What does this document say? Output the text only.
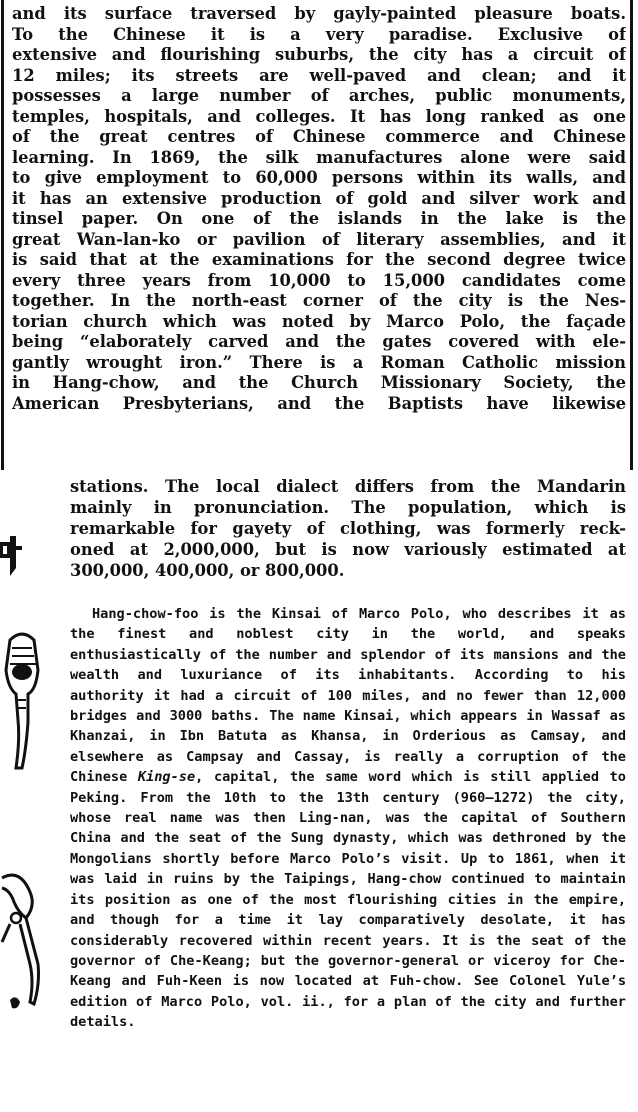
and its surface traversed by gayly-painted pleasure boats.
To the Chinese it is a very paradise. Exclusive of
extensive and flourishing suburbs, the city has a circuit of
12 miles; its streets are well-paved and clean; and it
possesses a large number of arches, public monuments,
temples, hospitals, and colleges. It has long ranked as one
of the great centres of Chinese commerce and Chinese
learning. In 1869, the silk manufactures alone were said
to give employment to 60,000 persons within its walls, and
it has an extensive production of gold and silver work and
tinsel paper. On one of the islands in the lake is the
great Wan-lan-ko or pavilion of literary assemblies, and it
is said that at the examinations for the second degree twice
every three years from 10,000 to 15,000 candidates come
together. In the north-east corner of the city is the Nes-
torian church which was noted by Marco Polo, the façade
being “elaborately carved and the gates covered with ele-
gantly wrought iron.” There is a Roman Catholic mission
in Hang-chow, and the Church Missionary Society, the
American Presbyterians, and the Baptists have likewise
stations. The local dialect differs from the Mandarin
mainly in pronunciation. The population, which is
remarkable for gayety of clothing, was formerly reck-
oned at 2,000,000, but is now variously estimated at
300,000, 400,000, or 800,000.

Hang-chow-foo is the Kinsai of Marco Polo, who describes it as the finest and noblest city in the world, and speaks enthusiastically of the number and splendor of its mansions and the wealth and luxuriance of its inhabitants. According to his authority it had a circuit of 100 miles, and no fewer than 12,000 bridges and 3000 baths. The name Kinsai, which appears in Wassaf as Khanzai, in Ibn Batuta as Khansa, in Orderious as Camsay, and elsewhere as Campsay and Cassay, is really a corruption of the Chinese King-se, capital, the same word which is still applied to Peking. From the 10th to the 13th century (960–1272) the city, whose real name was then Ling-nan, was the capital of Southern China and the seat of the Sung dynasty, which was dethroned by the Mongolians shortly before Marco Polo’s visit. Up to 1861, when it was laid in ruins by the Taipings, Hang-chow continued to maintain its position as one of the most flourishing cities in the empire, and though for a time it lay comparatively desolate, it has considerably recovered within recent years. It is the seat of the governor of Che-Keang; but the governor-general or viceroy for Che-Keang and Fuh-Keen is now located at Fuh-chow. See Colonel Yule’s edition of Marco Polo, vol. ii., for a plan of the city and further details.
